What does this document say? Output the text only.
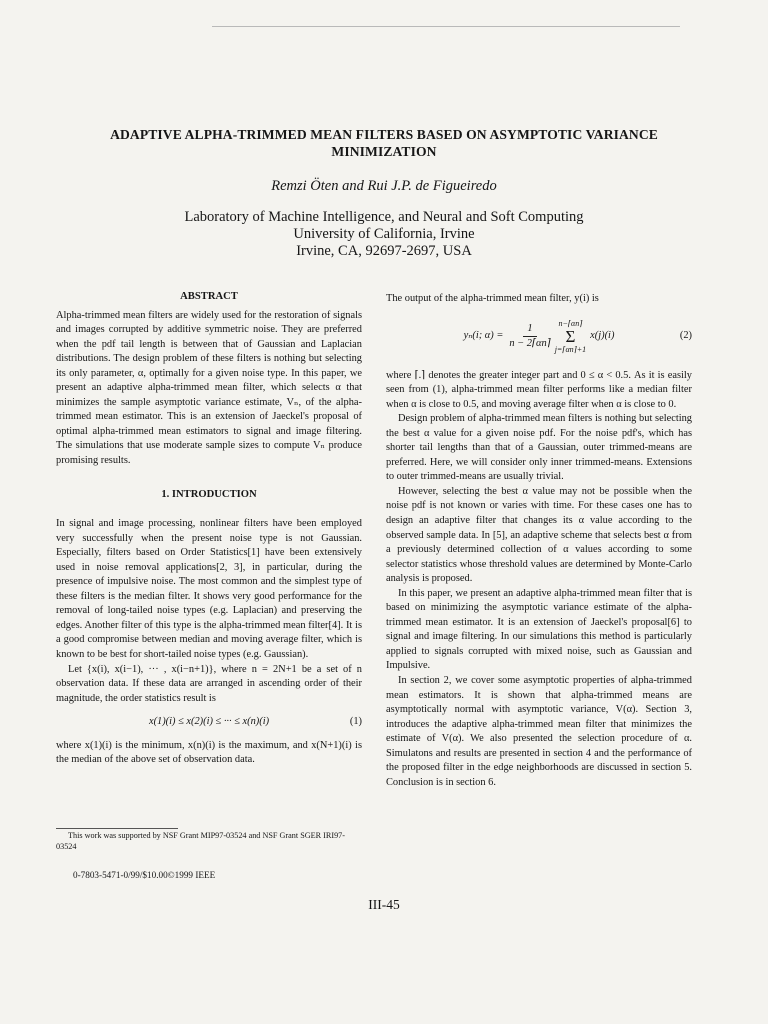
ADAPTIVE ALPHA-TRIMMED MEAN FILTERS BASED ON ASYMPTOTIC VARIANCE MINIMIZATION
Remzi Öten and Rui J.P. de Figueiredo
Laboratory of Machine Intelligence, and Neural and Soft Computing
University of California, Irvine
Irvine, CA, 92697-2697, USA
ABSTRACT

Alpha-trimmed mean filters are widely used for the restoration of signals and images corrupted by additive symmetric noise. They are preferred when the pdf tail length is between that of Gaussian and Laplacian distributions. The design problem of these filters is nothing but selecting its only parameter, α, optimally for a given noise type. In this paper, we present an adaptive alpha-trimmed mean filter, which selects α that minimizes the sample asymptotic variance estimate, Vₙ, of the alpha-trimmed mean estimator. This is an extension of Jaeckel's proposal of optimal alpha-trimmed mean estimators to signal and image filtering. The simulations that use moderate sample sizes to compute Vₙ produce promising results.

1. INTRODUCTION

In signal and image processing, nonlinear filters have been employed very successfully when the present noise type is not Gaussian. Especially, filters based on Order Statistics[1] have been extensively used in noise removal applications[2, 3], in particular, during the presence of impulsive noise. The most common and the simplest type of these filters is the median filter. It shows very good performance for the removal of long-tailed noise types (e.g. Laplacian) and preserving the edges. Another filter of this type is the alpha-trimmed mean filter[4]. It is a good compromise between median and moving average filter, which is known to be best for short-tailed noise types (e.g. Gaussian).

Let {x(i), x(i−1), ··· , x(i−n+1)}, where n = 2N+1 be a set of n observation data. If these data are arranged in ascending order of their magnitude, the order statistics result is

x(1)(i) ≤ x(2)(i) ≤ ··· ≤ x(n)(i)	(1)

where x(1)(i) is the minimum, x(n)(i) is the maximum, and x(N+1)(i) is the median of the above set of observation data.

This work was supported by NSF Grant MIP97-03524 and NSF Grant SGER IRI97-03524
0-7803-5471-0/99/$10.00©1999 IEEE
III-45

The output of the alpha-trimmed mean filter, y(i) is

yₙ(i; $\alpha) = \frac{1}{n - 2⌈\alpha n⌉}$ n−⌈αn⌉
Σ
j=⌈αn⌉+1
x(j)(i)	(2)

where ⌈.⌉ denotes the greater integer part and 0 ≤ α < 0.5. As it is easily seen from (1), alpha-trimmed mean filter performs like a median filter when α is close to 0.5, and moving average filter when α is close to 0.

Design problem of alpha-trimmed mean filters is nothing but selecting the best α value for a given noise pdf. For the noise pdf's, which has shorter tail lengths than that of a Gaussian, outer trimmed-means are preferred. Here, we will consider only inner trimmed-means. Extensions to outer trimmed-means are usually trivial.

However, selecting the best α value may not be possible when the noise pdf is not known or varies with time. For these cases one has to design an adaptive filter that changes its α value according to the observed sample data. In [5], an adaptive scheme that selects best α from a previously determined collection of α values according to some selector statistics whose threshold values are determined by Monte-Carlo analysis is proposed.

In this paper, we present an adaptive alpha-trimmed mean filter that is based on minimizing the asymptotic variance estimate of the alpha-trimmed mean estimator. It is an extension of Jaeckel's proposal[6] to signal and image filtering. In our simulations this method is particularly applied to signals corrupted with mixed noise, such as Gaussian and Impulsive.

In section 2, we cover some asymptotic properties of alpha-trimmed mean estimators. It is shown that alpha-trimmed means are asymptotically normal with asymptotic variance, V(α). Section 3, introduces the adaptive alpha-trimmed mean filter that minimizes the estimate of V(α). We also presented the selection procedure of α. Simulatons and results are presented in section 4 and the performance of the proposed filter in the edge neighborhoods are discussed in section 5. Conclusion is in section 6.
